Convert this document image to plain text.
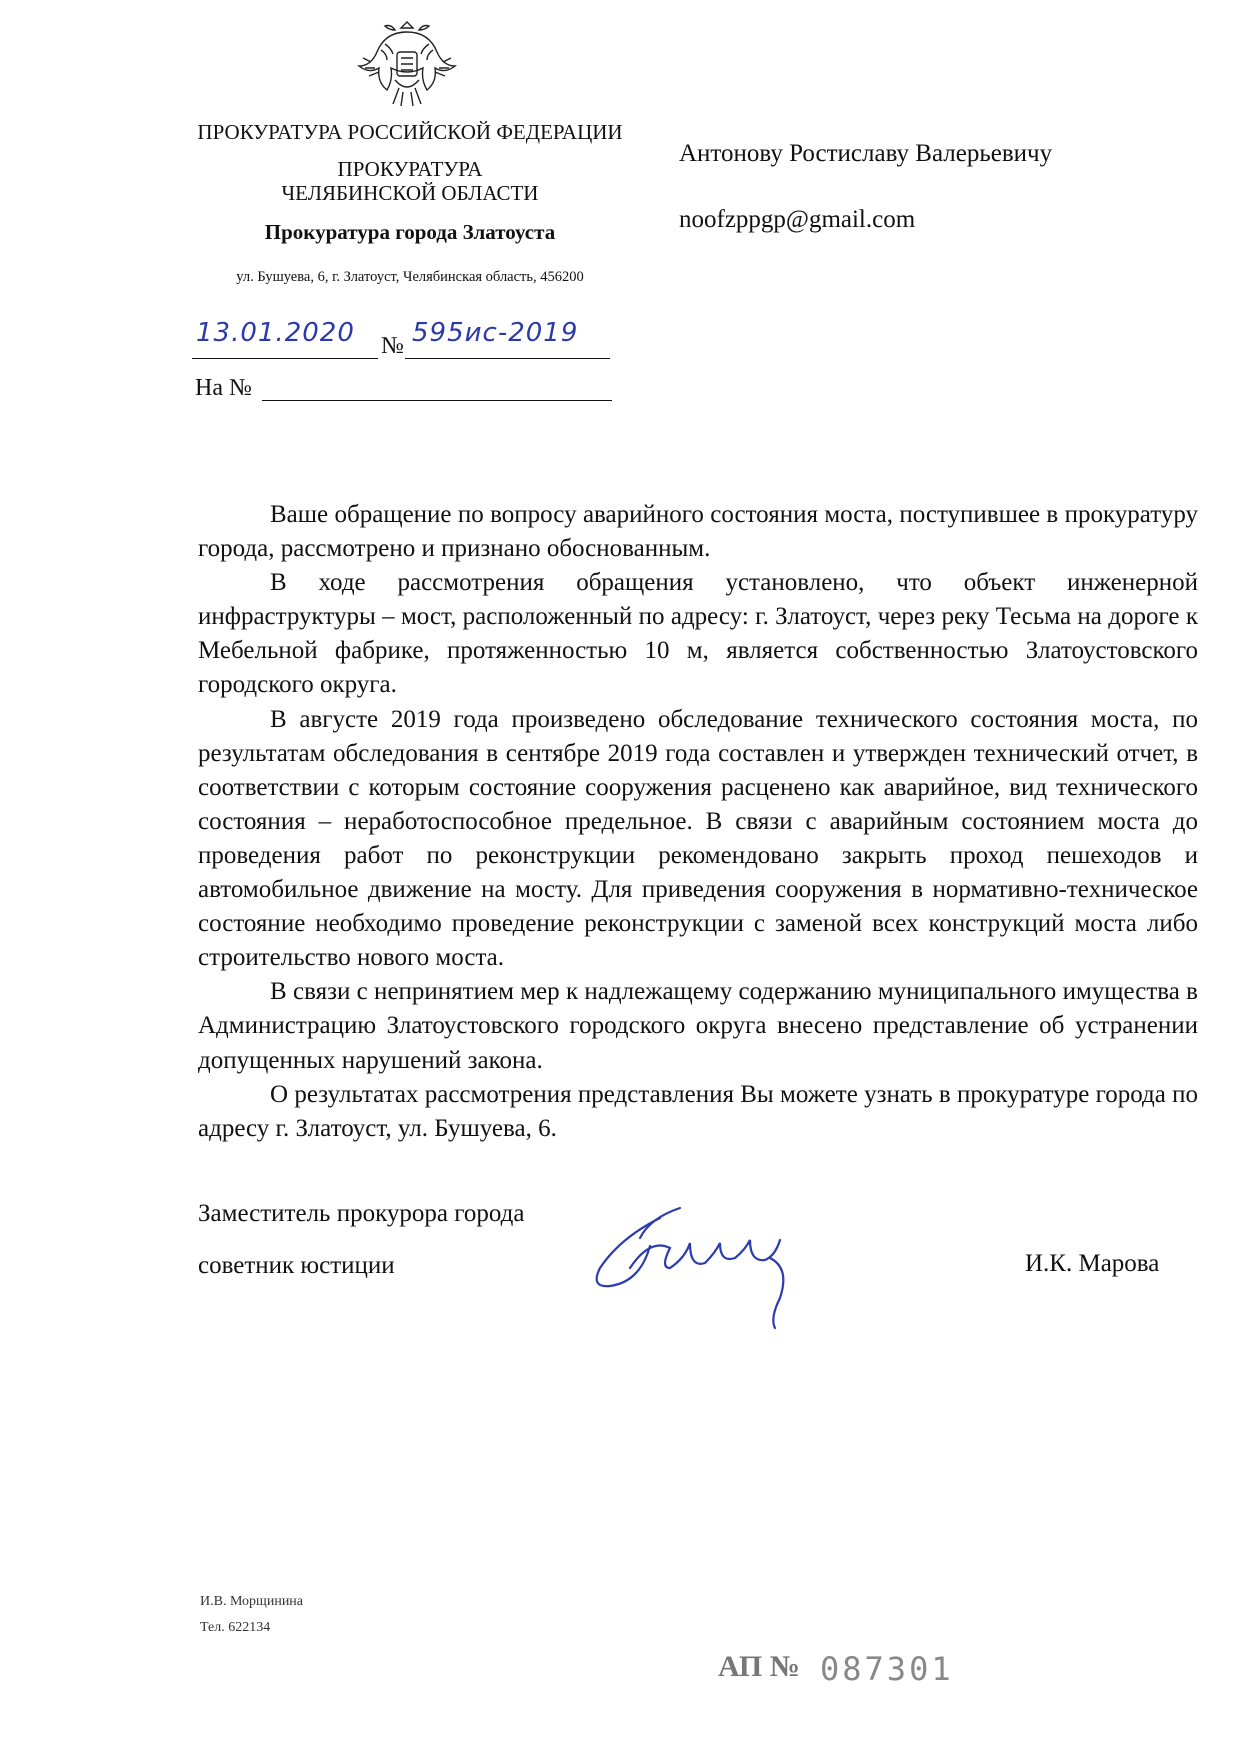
ПРОКУРАТУРА РОССИЙСКОЙ ФЕДЕРАЦИИ
ПРОКУРАТУРА
ЧЕЛЯБИНСКОЙ ОБЛАСТИ
Прокуратура города Златоуста
ул. Бушуева, 6, г. Златоуст, Челябинская область, 456200
13.01.2020 № 595ис-2019
На №
Антонову Ростиславу Валерьевичу
noofzppgp@gmail.com

Ваше обращение по вопросу аварийного состояния моста, поступившее в прокуратуру города, рассмотрено и признано обоснованным.

В ходе рассмотрения обращения установлено, что объект инженерной инфраструктуры – мост, расположенный по адресу: г. Златоуст, через реку Тесьма на дороге к Мебельной фабрике, протяженностью 10 м, является собственностью Златоустовского городского округа.

В августе 2019 года произведено обследование технического состояния моста, по результатам обследования в сентябре 2019 года составлен и утвержден технический отчет, в соответствии с которым состояние сооружения расценено как аварийное, вид технического состояния – неработоспособное предельное. В связи с аварийным состоянием моста до проведения работ по реконструкции рекомендовано закрыть проход пешеходов и автомобильное движение на мосту. Для приведения сооружения в нормативно-техническое состояние необходимо проведение реконструкции с заменой всех конструкций моста либо строительство нового моста.

В связи с непринятием мер к надлежащему содержанию муниципального имущества в Администрацию Златоустовского городского округа внесено представление об устранении допущенных нарушений закона.

О результатах рассмотрения представления Вы можете узнать в прокуратуре города по адресу г. Златоуст, ул. Бушуева, 6.

Заместитель прокурора города
советник юстиции	И.К. Марова
И.В. Морщинина
Тел. 622134
АП № 087301
